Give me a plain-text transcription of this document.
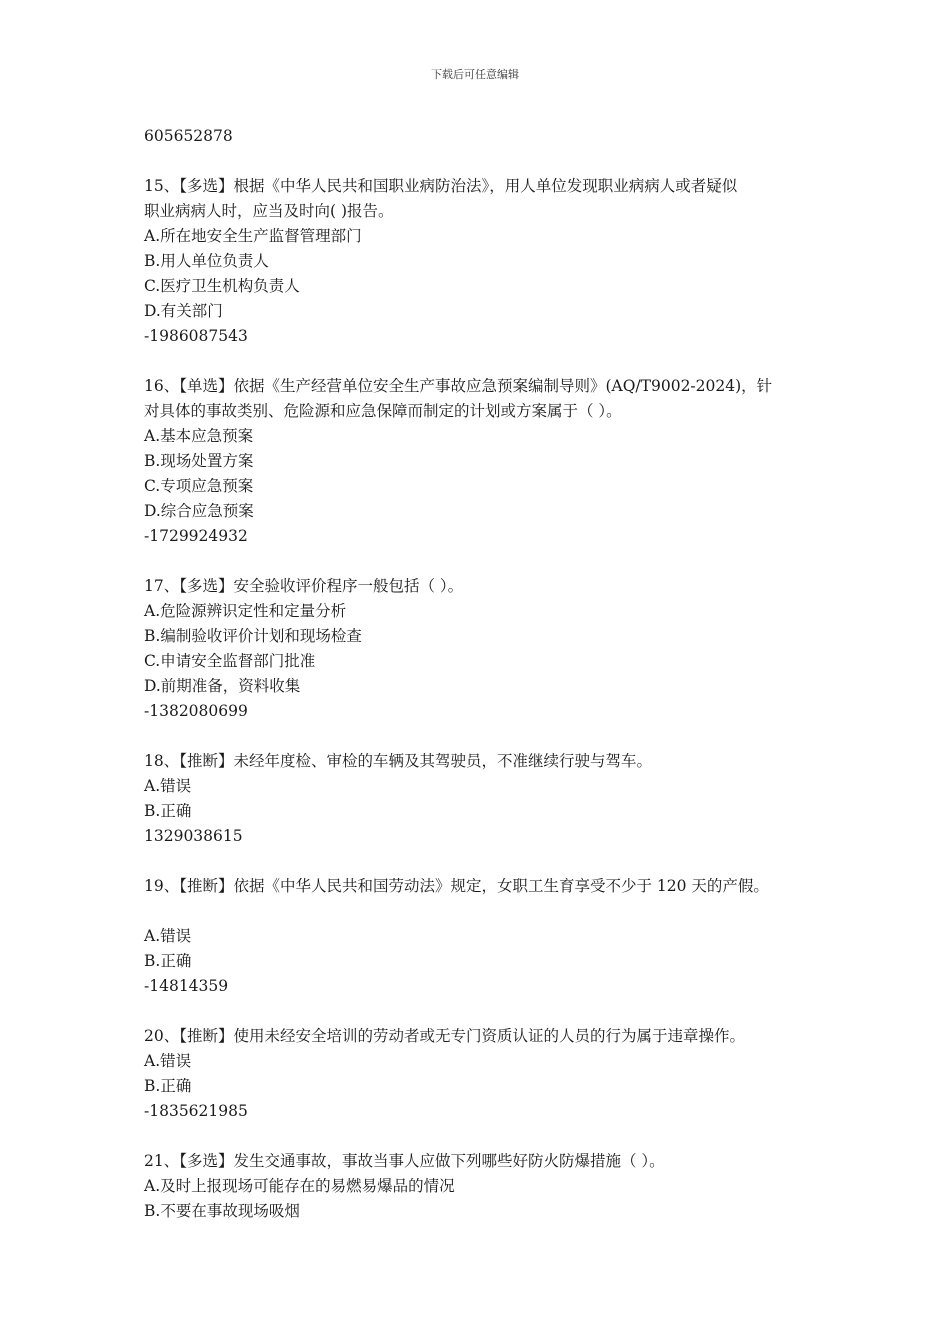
下载后可任意编辑
605652878
15、【多选】根据《中华人民共和国职业病防治法》，用人单位发现职业病病人或者疑似
职业病病人时，应当及时向( )报告。
A.所在地安全生产监督管理部门
B.用人单位负责人
C.医疗卫生机构负责人
D.有关部门
-1986087543
16、【单选】依据《生产经营单位安全生产事故应急预案编制导则》(AQ/T9002-2024)，针
对具体的事故类别、危险源和应急保障而制定的计划或方案属于（ ）。
A.基本应急预案
B.现场处置方案
C.专项应急预案
D.综合应急预案
-1729924932
17、【多选】安全验收评价程序一般包括（ ）。
A.危险源辨识定性和定量分析
B.编制验收评价计划和现场检查
C.申请安全监督部门批准
D.前期准备，资料收集
-1382080699
18、【推断】未经年度检、审检的车辆及其驾驶员，不准继续行驶与驾车。
A.错误
B.正确
1329038615
19、【推断】依据《中华人民共和国劳动法》规定，女职工生育享受不少于 120 天的产假。
A.错误
B.正确
-14814359
20、【推断】使用未经安全培训的劳动者或无专门资质认证的人员的行为属于违章操作。
A.错误
B.正确
-1835621985
21、【多选】发生交通事故，事故当事人应做下列哪些好防火防爆措施（ ）。
A.及时上报现场可能存在的易燃易爆品的情况
B.不要在事故现场吸烟
